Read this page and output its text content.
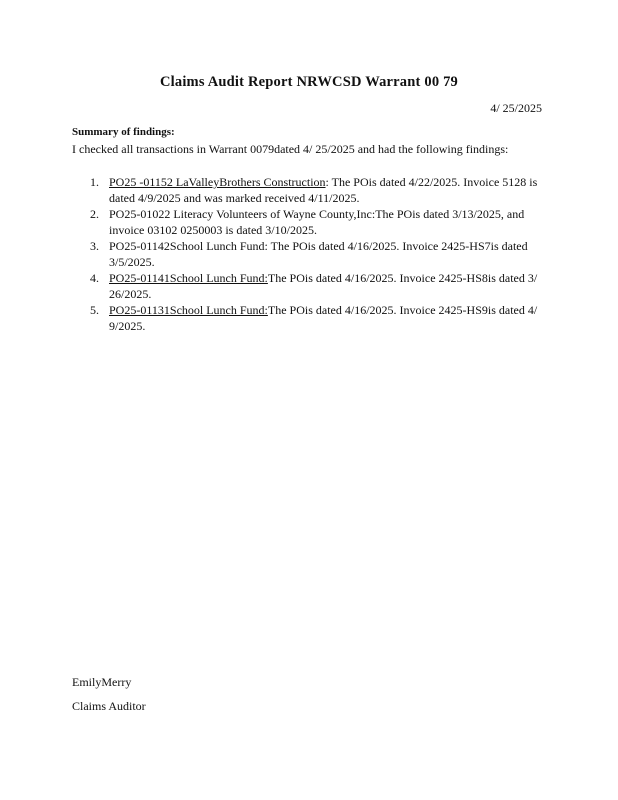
Claims Audit Report NRWCSD Warrant 00 79
4/ 25/2025
Summary of findings:
I checked all transactions in Warrant 0079dated 4/ 25/2025 and had the following findings:
1. PO25 -01152 LaValleyBrothers Construction: The POis dated 4/22/2025. Invoice 5128 is dated 4/9/2025 and was marked received 4/11/2025.
2. PO25-01022 Literacy Volunteers of Wayne County,Inc:The POis dated 3/13/2025, and invoice 03102 0250003 is dated 3/10/2025.
3. PO25-01142School Lunch Fund: The POis dated 4/16/2025. Invoice 2425-HS7is dated 3/5/2025.
4. PO25-01141School Lunch Fund:The POis dated 4/16/2025. Invoice 2425-HS8is dated 3/ 26/2025.
5. PO25-01131School Lunch Fund:The POis dated 4/16/2025. Invoice 2425-HS9is dated 4/ 9/2025.
EmilyMerry
Claims Auditor
